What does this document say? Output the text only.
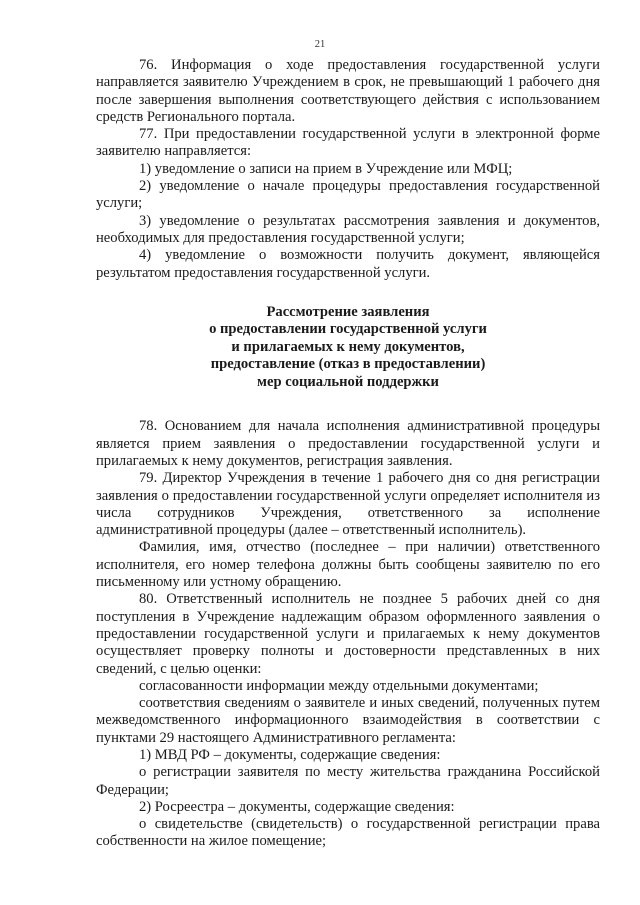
21

76. Информация о ходе предоставления государственной услуги направляется заявителю Учреждением в срок, не превышающий 1 рабочего дня после завершения выполнения соответствующего действия с использованием средств Регионального портала.

77. При предоставлении государственной услуги в электронной форме заявителю направляется:

1) уведомление о записи на прием в Учреждение или МФЦ;

2) уведомление о начале процедуры предоставления государственной услуги;

3) уведомление о результатах рассмотрения заявления и документов, необходимых для предоставления государственной услуги;

4) уведомление о возможности получить документ, являющейся результатом предоставления государственной услуги.

Рассмотрение заявления
о предоставлении государственной услуги
и прилагаемых к нему документов,
предоставление (отказ в предоставлении)
мер социальной поддержки

78. Основанием для начала исполнения административной процедуры является прием заявления о предоставлении государственной услуги и прилагаемых к нему документов, регистрация заявления.

79. Директор Учреждения в течение 1 рабочего дня со дня регистрации заявления о предоставлении государственной услуги определяет исполнителя из числа сотрудников Учреждения, ответственного за исполнение административной процедуры (далее – ответственный исполнитель).

Фамилия, имя, отчество (последнее – при наличии) ответственного исполнителя, его номер телефона должны быть сообщены заявителю по его письменному или устному обращению.

80. Ответственный исполнитель не позднее 5 рабочих дней со дня поступления в Учреждение надлежащим образом оформленного заявления о предоставлении государственной услуги и прилагаемых к нему документов осуществляет проверку полноты и достоверности представленных в них сведений, с целью оценки:

согласованности информации между отдельными документами;

соответствия сведениям о заявителе и иных сведений, полученных путем межведомственного информационного взаимодействия в соответствии с пунктами 29 настоящего Административного регламента:

1) МВД РФ – документы, содержащие сведения:

о регистрации заявителя по месту жительства гражданина Российской Федерации;

2) Росреестра – документы, содержащие сведения:

о свидетельстве (свидетельств) о государственной регистрации права собственности на жилое помещение;
